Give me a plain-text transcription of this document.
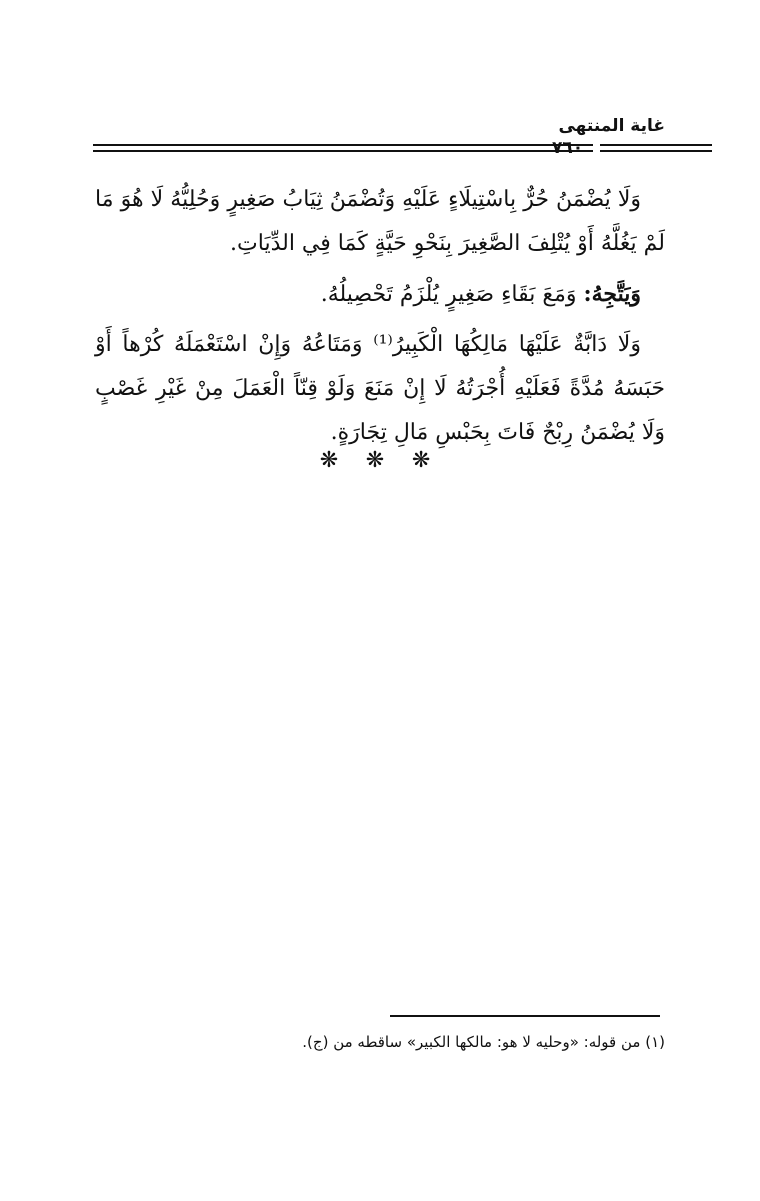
غاية المنتهى
٧٦٠

وَلَا يُضْمَنُ حُرٌّ بِاسْتِيلَاءٍ عَلَيْهِ وَتُضْمَنُ ثِيَابُ صَغِيرٍ وَحُلِيُّهُ لَا هُوَ مَا لَمْ يَغُلَّهُ أَوْ يُتْلِفَ الصَّغِيرَ بِنَحْوِ حَيَّةٍ كَمَا فِي الدِّيَاتِ.

وَيَتَّجِهُ: وَمَعَ بَقَاءِ صَغِيرٍ يُلْزَمُ تَحْصِيلُهُ.

وَلَا دَابَّةٌ عَلَيْهَا مَالِكُهَا الْكَبِيرُ⁽¹⁾ وَمَتَاعُهُ وَإِنْ اسْتَعْمَلَهُ كُرْهاً أَوْ حَبَسَهُ مُدَّةً فَعَلَيْهِ أُجْرَتُهُ لَا إِنْ مَنَعَ وَلَوْ قِنّاً الْعَمَلَ مِنْ غَيْرِ غَصْبٍ وَلَا يُضْمَنُ رِبْحٌ فَاتَ بِحَبْسِ مَالِ تِجَارَةٍ.

❋ ❋ ❋
(١) من قوله: «وحليه لا هو: مالكها الكبير» ساقطه من (ج).
